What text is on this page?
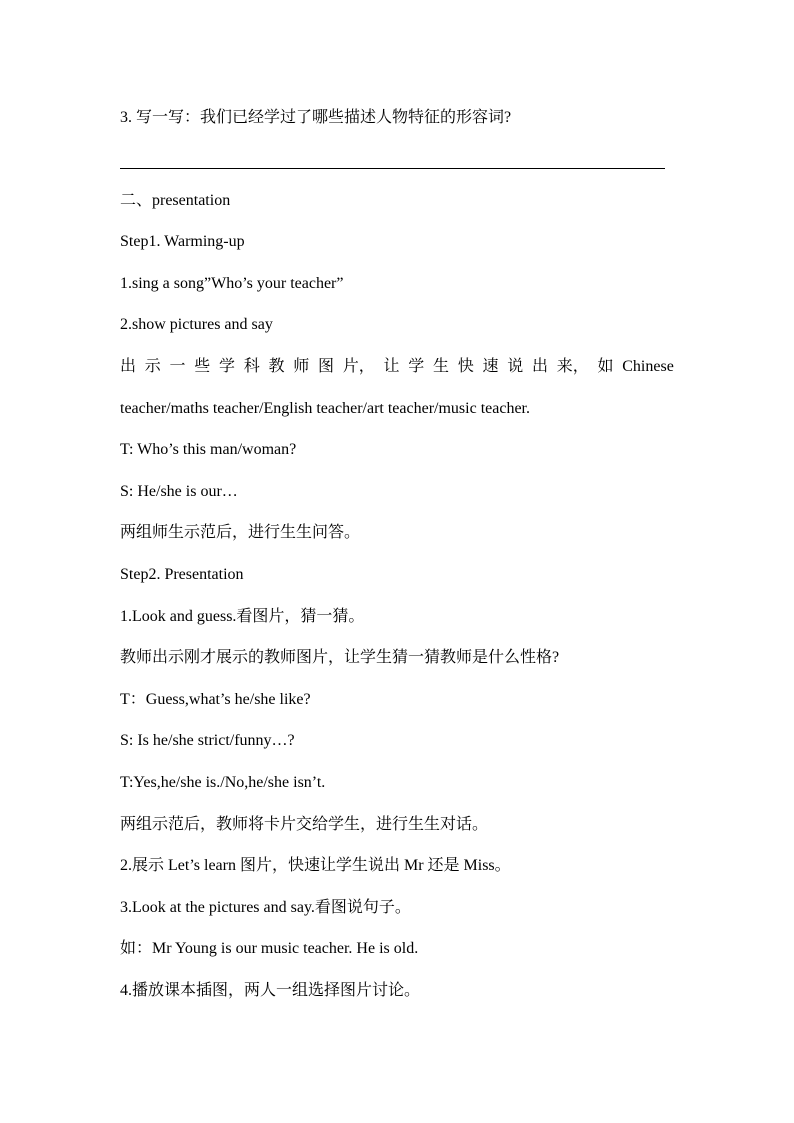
3. 写一写：我们已经学过了哪些描述人物特征的形容词?
二、presentation
Step1. Warming-up
1.sing a song”Who’s your teacher”
2.show pictures and say
出 示 一 些 学 科 教 师 图 片， 让 学 生 快 速 说 出 来， 如 Chinese
teacher/maths teacher/English teacher/art teacher/music teacher.
T: Who’s this man/woman?
S: He/she is our…
两组师生示范后，进行生生问答。
Step2. Presentation
1.Look and guess.看图片，猜一猜。
教师出示刚才展示的教师图片，让学生猜一猜教师是什么性格?
T：Guess,what’s he/she like?
S: Is he/she strict/funny…?
T:Yes,he/she is./No,he/she isn’t.
两组示范后，教师将卡片交给学生，进行生生对话。
2.展示 Let’s learn 图片，快速让学生说出 Mr 还是 Miss。
3.Look at the pictures and say.看图说句子。
如：Mr Young is our music teacher. He is old.
4.播放课本插图，两人一组选择图片讨论。
